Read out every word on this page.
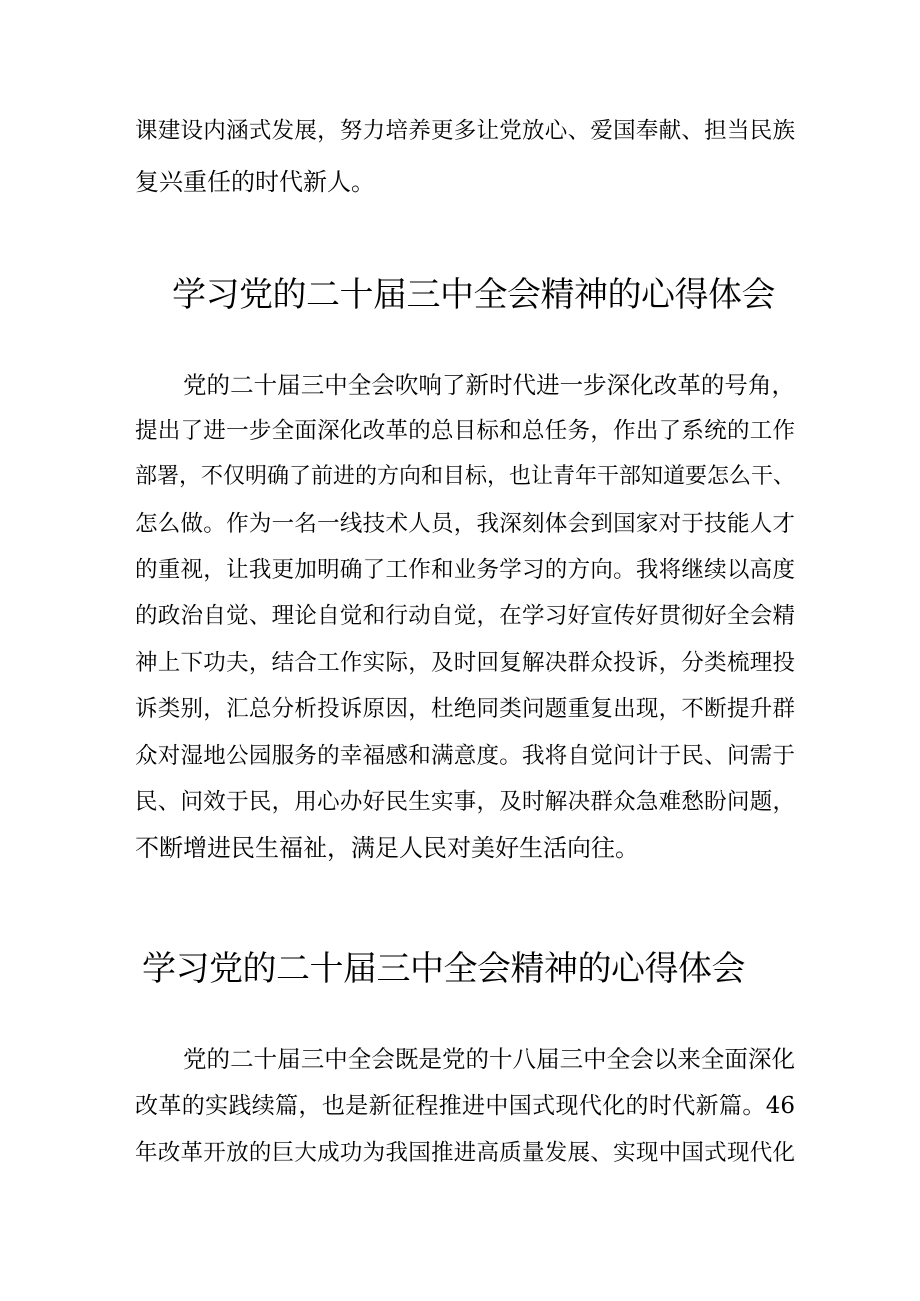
课建设内涵式发展，努力培养更多让党放心、爱国奉献、担当民族
复兴重任的时代新人。
学习党的二十届三中全会精神的心得体会
党的二十届三中全会吹响了新时代进一步深化改革的号角，
提出了进一步全面深化改革的总目标和总任务，作出了系统的工作
部署，不仅明确了前进的方向和目标，也让青年干部知道要怎么干、
怎么做。作为一名一线技术人员，我深刻体会到国家对于技能人才
的重视，让我更加明确了工作和业务学习的方向。我将继续以高度
的政治自觉、理论自觉和行动自觉，在学习好宣传好贯彻好全会精
神上下功夫，结合工作实际，及时回复解决群众投诉，分类梳理投
诉类别，汇总分析投诉原因，杜绝同类问题重复出现，不断提升群
众对湿地公园服务的幸福感和满意度。我将自觉问计于民、问需于
民、问效于民，用心办好民生实事，及时解决群众急难愁盼问题，
不断增进民生福祉，满足人民对美好生活向往。
学习党的二十届三中全会精神的心得体会
党的二十届三中全会既是党的十八届三中全会以来全面深化
改革的实践续篇，也是新征程推进中国式现代化的时代新篇。46
年改革开放的巨大成功为我国推进高质量发展、实现中国式现代化
